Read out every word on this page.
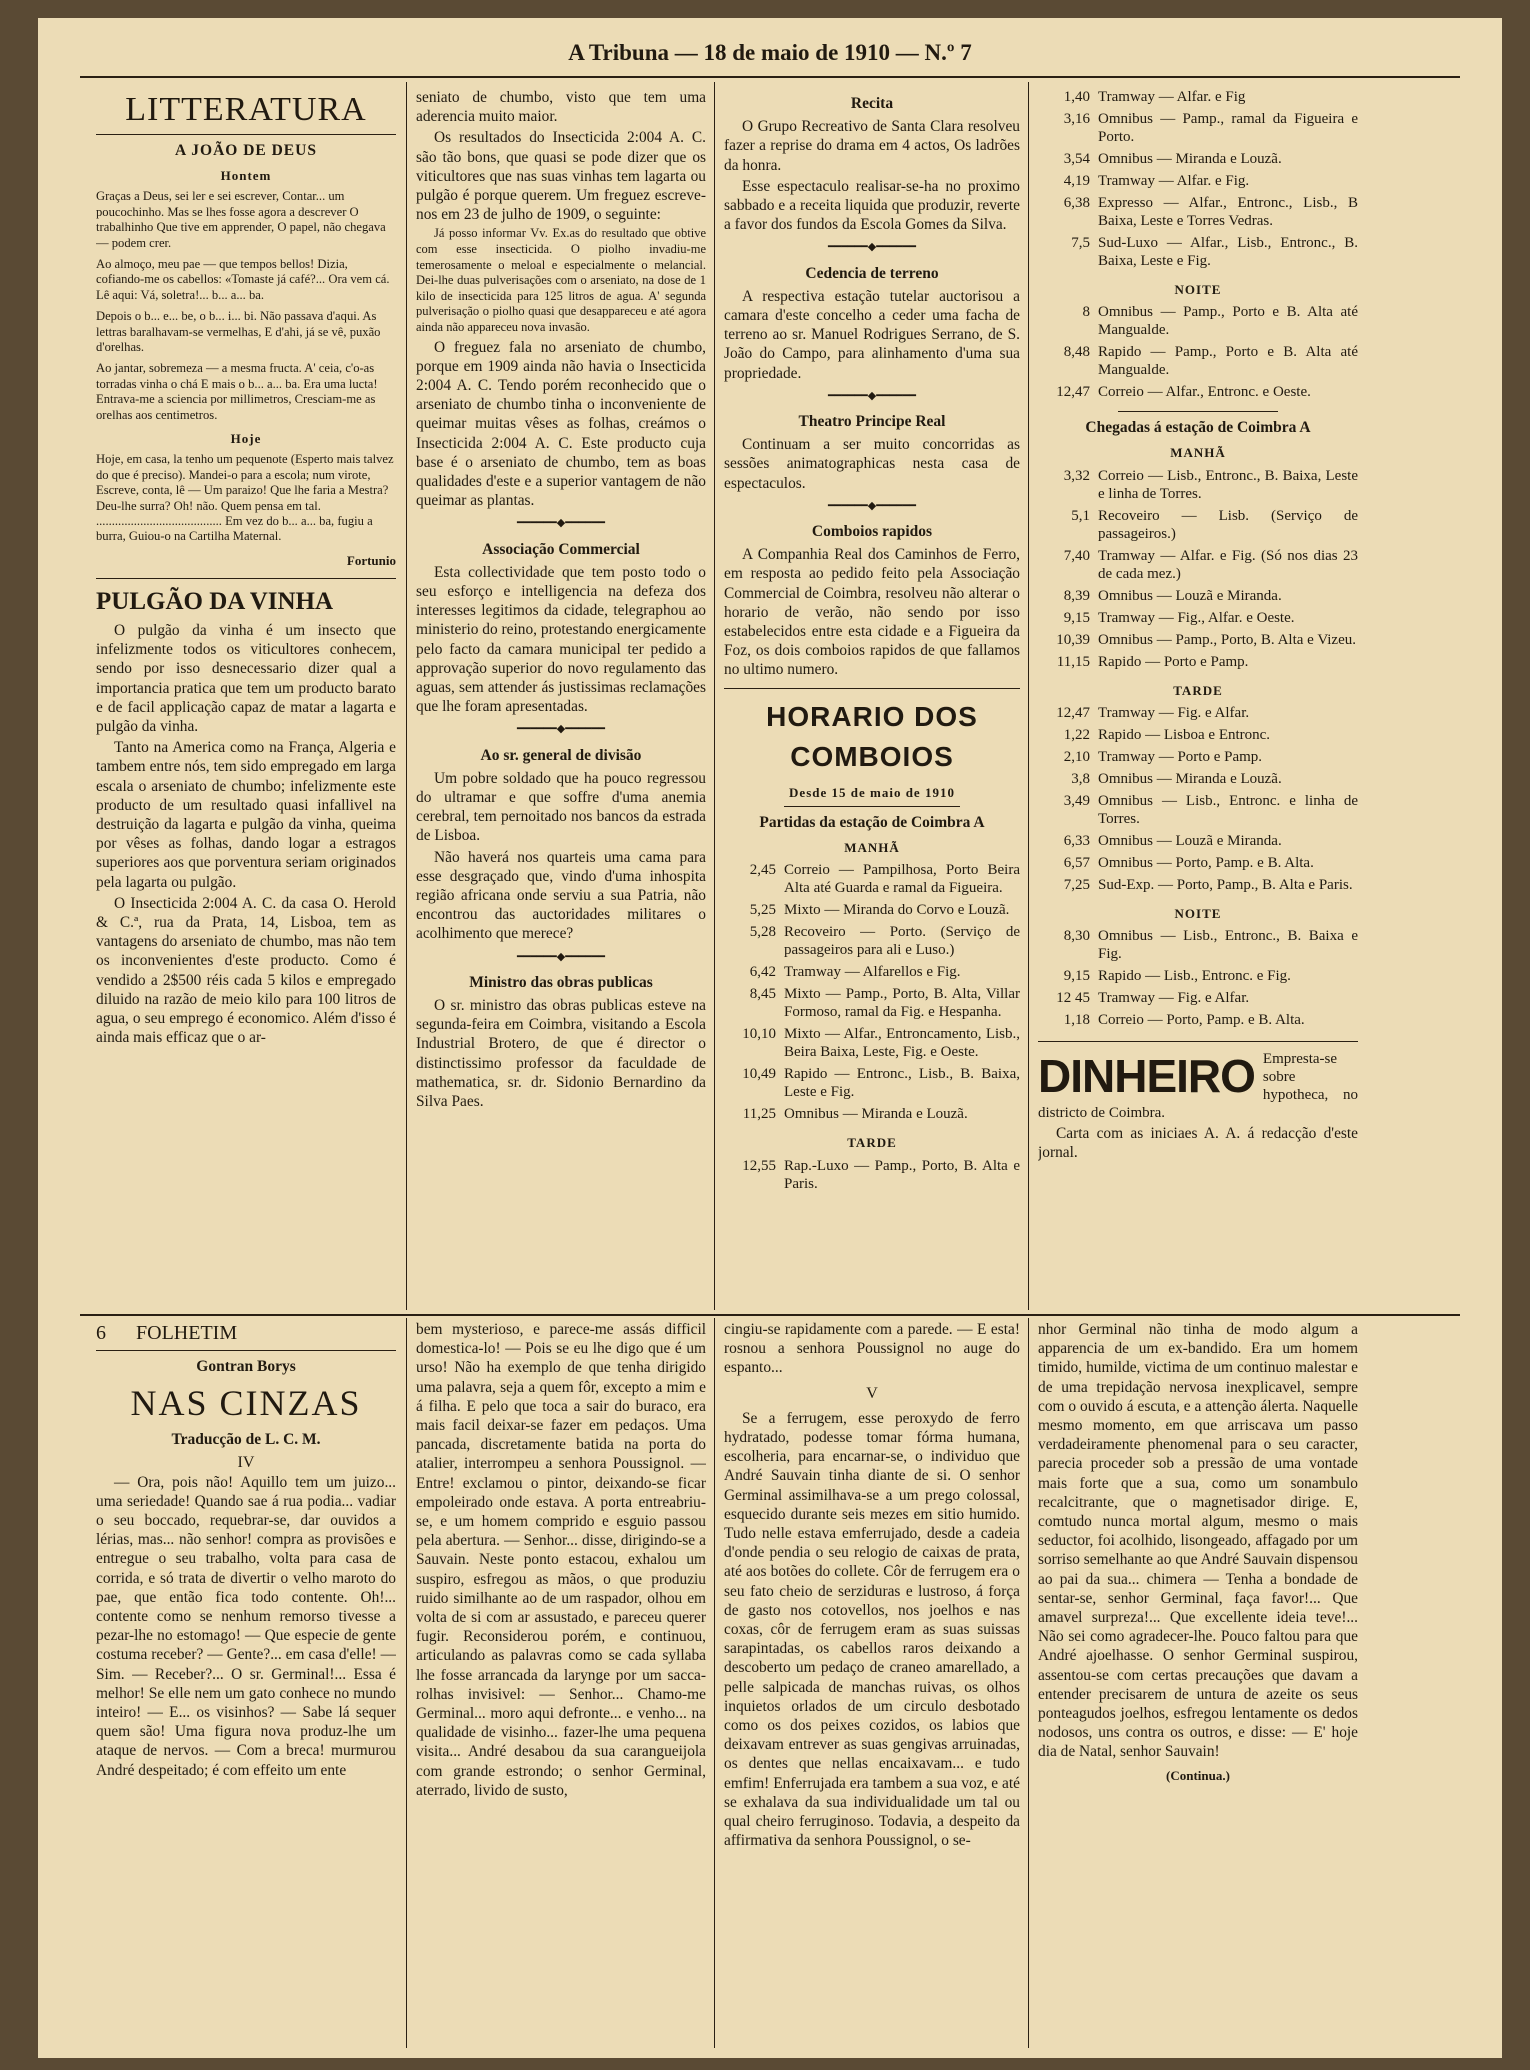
A Tribuna — 18 de maio de 1910 — N.º 7
LITTERATURA
A JOÃO DE DEUS
Hontem

Graças a Deus, sei ler e sei escrever, Contar... um poucochinho. Mas se lhes fosse agora a descrever O trabalhinho Que tive em apprender, O papel, não chegava — podem crer.

Ao almoço, meu pae — que tempos bellos! Dizia, cofiando-me os cabellos: «Tomaste já café?... Ora vem cá. Lê aqui: Vá, soletra!... b... a... ba.

Depois o b... e... be, o b... i... bi. Não passava d'aqui. As lettras baralhavam-se vermelhas, E d'ahi, já se vê, puxão d'orelhas.

Ao jantar, sobremeza — a mesma fructa. A' ceia, c'o-as torradas vinha o chá E mais o b... a... ba. Era uma lucta! Entrava-me a sciencia por millimetros, Cresciam-me as orelhas aos centimetros.

Hoje

Hoje, em casa, la tenho um pequenote (Esperto mais talvez do que é preciso). Mandei-o para a escola; num virote, Escreve, conta, lê — Um paraizo! Que lhe faria a Mestra? Deu-lhe surra? Oh! não. Quem pensa em tal. ........................................ Em vez do b... a... ba, fugiu a burra, Guiou-o na Cartilha Maternal.

Fortunio
PULGÃO DA VINHA

O pulgão da vinha é um insecto que infelizmente todos os viticultores conhecem, sendo por isso desnecessario dizer qual a importancia pratica que tem um producto barato e de facil applicação capaz de matar a lagarta e pulgão da vinha.

Tanto na America como na França, Algeria e tambem entre nós, tem sido empregado em larga escala o arseniato de chumbo; infelizmente este producto de um resultado quasi infallivel na destruição da lagarta e pulgão da vinha, queima por vêses as folhas, dando logar a estragos superiores aos que porventura seriam originados pela lagarta ou pulgão.

O Insecticida 2:004 A. C. da casa O. Herold & C.ª, rua da Prata, 14, Lisboa, tem as vantagens do arseniato de chumbo, mas não tem os inconvenientes d'este producto. Como é vendido a 2$500 réis cada 5 kilos e empregado diluido na razão de meio kilo para 100 litros de agua, o seu emprego é economico. Além d'isso é ainda mais efficaz que o ar-

seniato de chumbo, visto que tem uma aderencia muito maior.

Os resultados do Insecticida 2:004 A. C. são tão bons, que quasi se pode dizer que os viticultores que nas suas vinhas tem lagarta ou pulgão é porque querem. Um freguez escreve-nos em 23 de julho de 1909, o seguinte:

Já posso informar Vv. Ex.as do resultado que obtive com esse insecticida. O piolho invadiu-me temerosamente o meloal e especialmente o melancial. Dei-lhe duas pulverisações com o arseniato, na dose de 1 kilo de insecticida para 125 litros de agua. A' segunda pulverisação o piolho quasi que desappareceu e até agora ainda não appareceu nova invasão.

O freguez fala no arseniato de chumbo, porque em 1909 ainda não havia o Insecticida 2:004 A. C. Tendo porém reconhecido que o arseniato de chumbo tinha o inconveniente de queimar muitas vêses as folhas, creámos o Insecticida 2:004 A. C. Este producto cuja base é o arseniato de chumbo, tem as boas qualidades d'este e a superior vantagem de não queimar as plantas.

━━━━━━◆━━━━━━
Associação Commercial

Esta collectividade que tem posto todo o seu esforço e intelligencia na defeza dos interesses legitimos da cidade, telegraphou ao ministerio do reino, protestando energicamente pelo facto da camara municipal ter pedido a approvação superior do novo regulamento das aguas, sem attender ás justissimas reclamações que lhe foram apresentadas.

━━━━━━◆━━━━━━
Ao sr. general de divisão

Um pobre soldado que ha pouco regressou do ultramar e que soffre d'uma anemia cerebral, tem pernoitado nos bancos da estrada de Lisboa.

Não haverá nos quarteis uma cama para esse desgraçado que, vindo d'uma inhospita região africana onde serviu a sua Patria, não encontrou das auctoridades militares o acolhimento que merece?

━━━━━━◆━━━━━━
Ministro das obras publicas

O sr. ministro das obras publicas esteve na segunda-feira em Coimbra, visitando a Escola Industrial Brotero, de que é director o distinctissimo professor da faculdade de mathematica, sr. dr. Sidonio Bernardino da Silva Paes.

Recita

O Grupo Recreativo de Santa Clara resolveu fazer a reprise do drama em 4 actos, Os ladrões da honra.

Esse espectaculo realisar-se-ha no proximo sabbado e a receita liquida que produzir, reverte a favor dos fundos da Escola Gomes da Silva.

━━━━━━◆━━━━━━
Cedencia de terreno

A respectiva estação tutelar auctorisou a camara d'este concelho a ceder uma facha de terreno ao sr. Manuel Rodrigues Serrano, de S. João do Campo, para alinhamento d'uma sua propriedade.

━━━━━━◆━━━━━━
Theatro Principe Real

Continuam a ser muito concorridas as sessões animatographicas nesta casa de espectaculos.

━━━━━━◆━━━━━━
Comboios rapidos

A Companhia Real dos Caminhos de Ferro, em resposta ao pedido feito pela Associação Commercial de Coimbra, resolveu não alterar o horario de verão, não sendo por isso estabelecidos entre esta cidade e a Figueira da Foz, os dois comboios rapidos de que fallamos no ultimo numero.

HORARIO DOS COMBOIOS
Desde 15 de maio de 1910
Partidas da estação de Coimbra A
MANHÃ
2,45	Correio — Pampilhosa, Porto Beira Alta até Guarda e ramal da Figueira.
5,25	Mixto — Miranda do Corvo e Louzã.
5,28	Recoveiro — Porto. (Serviço de passageiros para ali e Luso.)
6,42	Tramway — Alfarellos e Fig.
8,45	Mixto — Pamp., Porto, B. Alta, Villar Formoso, ramal da Fig. e Hespanha.
10,10	Mixto — Alfar., Entroncamento, Lisb., Beira Baixa, Leste, Fig. e Oeste.
10,49	Rapido — Entronc., Lisb., B. Baixa, Leste e Fig.
11,25	Omnibus — Miranda e Louzã.
TARDE
12,55	Rap.-Luxo — Pamp., Porto, B. Alta e Paris.
1,40	Tramway — Alfar. e Fig
3,16	Omnibus — Pamp., ramal da Figueira e Porto.
3,54	Omnibus — Miranda e Louzã.
4,19	Tramway — Alfar. e Fig.
6,38	Expresso — Alfar., Entronc., Lisb., B Baixa, Leste e Torres Vedras.
7,5	Sud-Luxo — Alfar., Lisb., Entronc., B. Baixa, Leste e Fig.
NOITE
8	Omnibus — Pamp., Porto e B. Alta até Mangualde.
8,48	Rapido — Pamp., Porto e B. Alta até Mangualde.
12,47	Correio — Alfar., Entronc. e Oeste.
Chegadas á estação de Coimbra A
MANHÃ
3,32	Correio — Lisb., Entronc., B. Baixa, Leste e linha de Torres.
5,1	Recoveiro — Lisb. (Serviço de passageiros.)
7,40	Tramway — Alfar. e Fig. (Só nos dias 23 de cada mez.)
8,39	Omnibus — Louzã e Miranda.
9,15	Tramway — Fig., Alfar. e Oeste.
10,39	Omnibus — Pamp., Porto, B. Alta e Vizeu.
11,15	Rapido — Porto e Pamp.
TARDE
12,47	Tramway — Fig. e Alfar.
1,22	Rapido — Lisboa e Entronc.
2,10	Tramway — Porto e Pamp.
3,8	Omnibus — Miranda e Louzã.
3,49	Omnibus — Lisb., Entronc. e linha de Torres.
6,33	Omnibus — Louzã e Miranda.
6,57	Omnibus — Porto, Pamp. e B. Alta.
7,25	Sud-Exp. — Porto, Pamp., B. Alta e Paris.
NOITE
8,30	Omnibus — Lisb., Entronc., B. Baixa e Fig.
9,15	Rapido — Lisb., Entronc. e Fig.
12 45	Tramway — Fig. e Alfar.
1,18	Correio — Porto, Pamp. e B. Alta.
DINHEIRO Empresta-se sobre hypotheca, no districto de Coimbra.

Carta com as iniciaes A. A. á redacção d'este jornal.

6 FOLHETIM
Gontran Borys
NAS CINZAS
Traducção de L. C. M.
IV

— Ora, pois não! Aquillo tem um juizo... uma seriedade! Quando sae á rua podia... vadiar o seu boccado, requebrar-se, dar ouvidos a lérias, mas... não senhor! compra as provisões e entregue o seu trabalho, volta para casa de corrida, e só trata de divertir o velho maroto do pae, que então fica todo contente. Oh!... contente como se nenhum remorso tivesse a pezar-lhe no estomago! — Que especie de gente costuma receber? — Gente?... em casa d'elle! — Sim. — Receber?... O sr. Germinal!... Essa é melhor! Se elle nem um gato conhece no mundo inteiro! — E... os visinhos? — Sabe lá sequer quem são! Uma figura nova produz-lhe um ataque de nervos. — Com a breca! murmurou André despeitado; é com effeito um ente

bem mysterioso, e parece-me assás difficil domestica-lo! — Pois se eu lhe digo que é um urso! Não ha exemplo de que tenha dirigido uma palavra, seja a quem fôr, excepto a mim e á filha. E pelo que toca a sair do buraco, era mais facil deixar-se fazer em pedaços. Uma pancada, discretamente batida na porta do atalier, interrompeu a senhora Poussignol. — Entre! exclamou o pintor, deixando-se ficar empoleirado onde estava. A porta entreabriu-se, e um homem comprido e esguio passou pela abertura. — Senhor... disse, dirigindo-se a Sauvain. Neste ponto estacou, exhalou um suspiro, esfregou as mãos, o que produziu ruido similhante ao de um raspador, olhou em volta de si com ar assustado, e pareceu querer fugir. Reconsiderou porém, e continuou, articulando as palavras como se cada syllaba lhe fosse arrancada da larynge por um sacca-rolhas invisivel: — Senhor... Chamo-me Germinal... moro aqui defronte... e venho... na qualidade de visinho... fazer-lhe uma pequena visita... André desabou da sua carangueijola com grande estrondo; o senhor Germinal, aterrado, livido de susto,

cingiu-se rapidamente com a parede. — E esta! rosnou a senhora Poussignol no auge do espanto...

V

Se a ferrugem, esse peroxydo de ferro hydratado, podesse tomar fórma humana, escolheria, para encarnar-se, o individuo que André Sauvain tinha diante de si. O senhor Germinal assimilhava-se a um prego colossal, esquecido durante seis mezes em sitio humido. Tudo nelle estava emferrujado, desde a cadeia d'onde pendia o seu relogio de caixas de prata, até aos botões do collete. Côr de ferrugem era o seu fato cheio de serziduras e lustroso, á força de gasto nos cotovellos, nos joelhos e nas coxas, côr de ferrugem eram as suas suissas sarapintadas, os cabellos raros deixando a descoberto um pedaço de craneo amarellado, a pelle salpicada de manchas ruivas, os olhos inquietos orlados de um circulo desbotado como os dos peixes cozidos, os labios que deixavam entrever as suas gengivas arruinadas, os dentes que nellas encaixavam... e tudo emfim! Enferrujada era tambem a sua voz, e até se exhalava da sua individualidade um tal ou qual cheiro ferruginoso. Todavia, a despeito da affirmativa da senhora Poussignol, o se-

nhor Germinal não tinha de modo algum a apparencia de um ex-bandido. Era um homem timido, humilde, victima de um continuo malestar e de uma trepidação nervosa inexplicavel, sempre com o ouvido á escuta, e a attenção álerta. Naquelle mesmo momento, em que arriscava um passo verdadeiramente phenomenal para o seu caracter, parecia proceder sob a pressão de uma vontade mais forte que a sua, como um sonambulo recalcitrante, que o magnetisador dirige. E, comtudo nunca mortal algum, mesmo o mais seductor, foi acolhido, lisongeado, affagado por um sorriso semelhante ao que André Sauvain dispensou ao pai da sua... chimera — Tenha a bondade de sentar-se, senhor Germinal, faça favor!... Que amavel surpreza!... Que excellente ideia teve!... Não sei como agradecer-lhe. Pouco faltou para que André ajoelhasse. O senhor Germinal suspirou, assentou-se com certas precauções que davam a entender precisarem de untura de azeite os seus ponteagudos joelhos, esfregou lentamente os dedos nodosos, uns contra os outros, e disse: — E' hoje dia de Natal, senhor Sauvain!

(Continua.)
